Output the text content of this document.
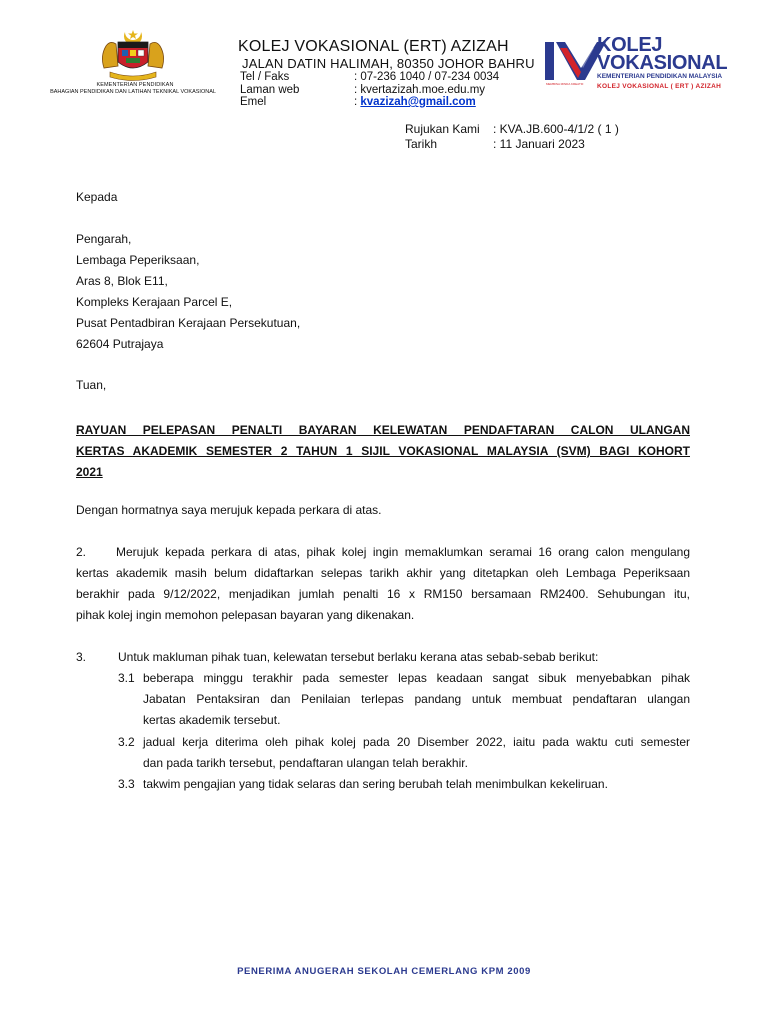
KEMENTERIAN PENDIDIKAN
BAHAGIAN PENDIDIKAN DAN LATIHAN TEKNIKAL VOKASIONAL
KOLEJ VOKASIONAL (ERT) AZIZAH
JALAN DATIN HALIMAH, 80350 JOHOR BAHRU
Tel / Faks	: 07-236 1040 / 07-234 0034
Laman web	: kvertazizah.moe.edu.my
Emel	: kvazizah@gmail.com
KOLEJ
VOKASIONAL
KEMENTERIAN PENDIDIKAN MALAYSIA
KOLEJ VOKASIONAL ( ERT ) AZIZAH
MEMBINA MINDA KREATIF
Rujukan Kami : KVA.JB.600-4/1/2 ( 1 )
Tarikh	: 11 Januari 2023
Kepada
Pengarah,
Lembaga Peperiksaan,
Aras 8, Blok E11,
Kompleks Kerajaan Parcel E,
Pusat Pentadbiran Kerajaan Persekutuan,
62604 Putrajaya
Tuan,
RAYUAN PELEPASAN PENALTI BAYARAN KELEWATAN PENDAFTARAN CALON ULANGAN
KERTAS AKADEMIK SEMESTER 2 TAHUN 1 SIJIL VOKASIONAL MALAYSIA (SVM) BAGI KOHORT
2021
Dengan hormatnya saya merujuk kepada perkara di atas.
2. Merujuk kepada perkara di atas, pihak kolej ingin memaklumkan seramai 16 orang calon mengulang
kertas akademik masih belum didaftarkan selepas tarikh akhir yang ditetapkan oleh Lembaga Peperiksaan
berakhir pada 9/12/2022, menjadikan jumlah penalti 16 x RM150 bersamaan RM2400. Sehubungan itu,
pihak kolej ingin memohon pelepasan bayaran yang dikenakan.
3.	Untuk makluman pihak tuan, kelewatan tersebut berlaku kerana atas sebab-sebab berikut:
3.1 beberapa minggu terakhir pada semester lepas keadaan sangat sibuk menyebabkan pihak
Jabatan Pentaksiran dan Penilaian terlepas pandang untuk membuat pendaftaran ulangan
kertas akademik tersebut.
3.2 jadual kerja diterima oleh pihak kolej pada 20 Disember 2022, iaitu pada waktu cuti semester
dan pada tarikh tersebut, pendaftaran ulangan telah berakhir.
3.3 takwim pengajian yang tidak selaras dan sering berubah telah menimbulkan kekeliruan.
PENERIMA ANUGERAH SEKOLAH CEMERLANG KPM 2009
